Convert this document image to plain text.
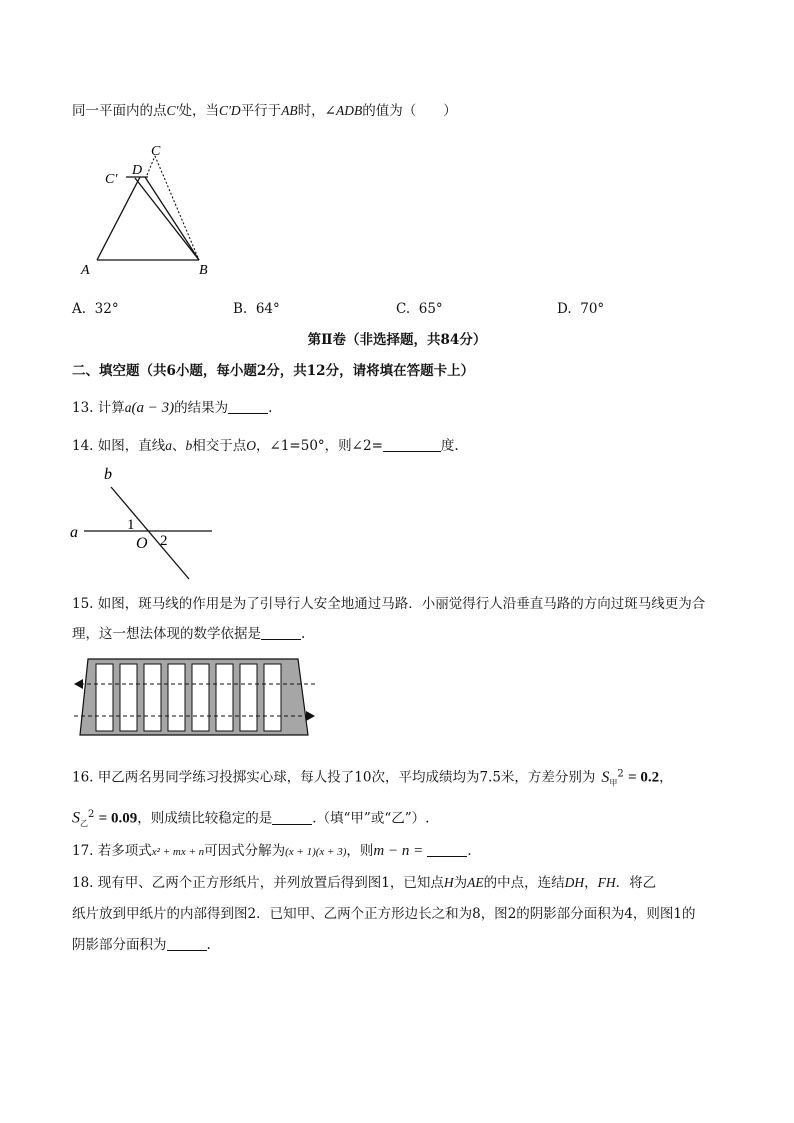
同一平面内的点C′处，当C′D平行于AB时，∠ADB的值为（　　）
A	B
C
D
C′
A. 32°	B. 64°	C. 65°	D. 70°
第Ⅱ卷（非选择题，共84分）
二、填空题（共6小题，每小题2分，共12分，请将填在答题卡上）
13. 计算a(a − 3)的结果为	.
14. 如图，直线a、b相交于点O，∠1=50°，则∠2=	度.
b
a	1
O 2
15. 如图，斑马线的作用是为了引导行人安全地通过马路．小丽觉得行人沿垂直马路的方向过斑马线更为合
理，这一想法体现的数学依据是	.
16. 甲乙两名男同学练习投掷实心球，每人投了10次，平均成绩均为7.5米，方差分别为 $S_甲^2 = 0.2$，
$S_乙^2 = 0.09$，则成绩比较稳定的是	.（填“甲”或“乙”）.
17. 若多项式x² + mx + n可因式分解为(x + 1)(x + 3)，则m − n =	.
18. 现有甲、乙两个正方形纸片，并列放置后得到图1，已知点H为AE的中点，连结DH，FH．将乙
纸片放到甲纸片的内部得到图2．已知甲、乙两个正方形边长之和为8，图2的阴影部分面积为4，则图1的
阴影部分面积为	.
